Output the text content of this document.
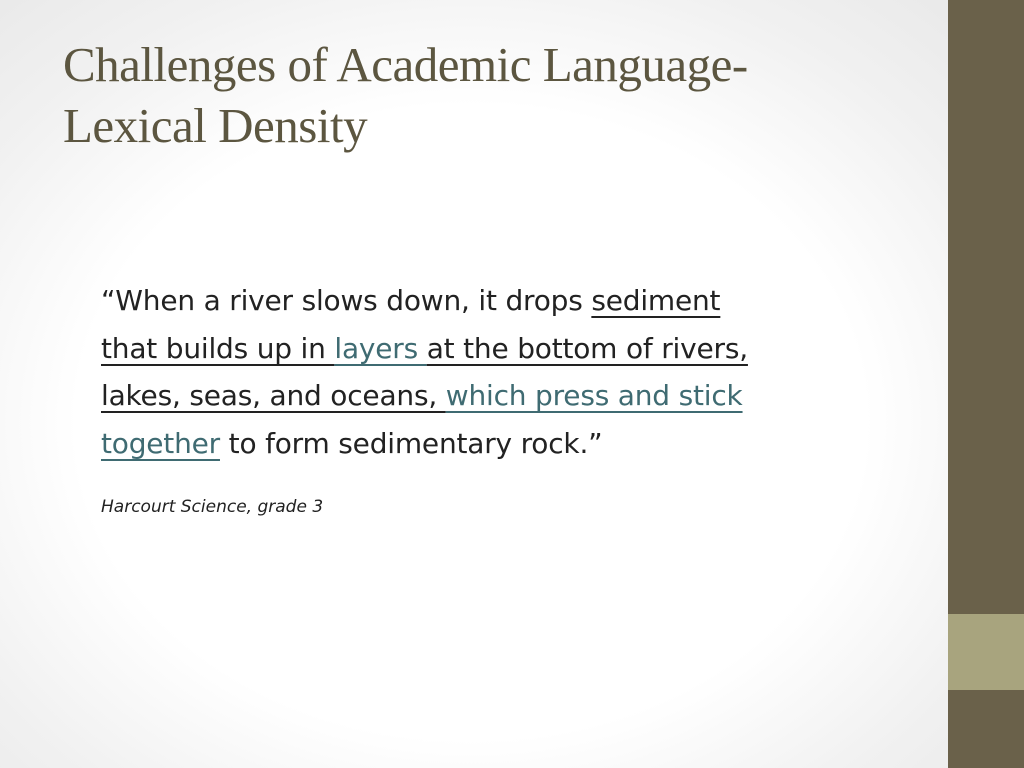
Challenges of Academic Language-
Lexical Density

“When a river slows down, it drops sediment
that builds up in layers at the bottom of rivers,
lakes, seas, and oceans, which press and stick
together to form sedimentary rock.”

Harcourt Science, grade 3
